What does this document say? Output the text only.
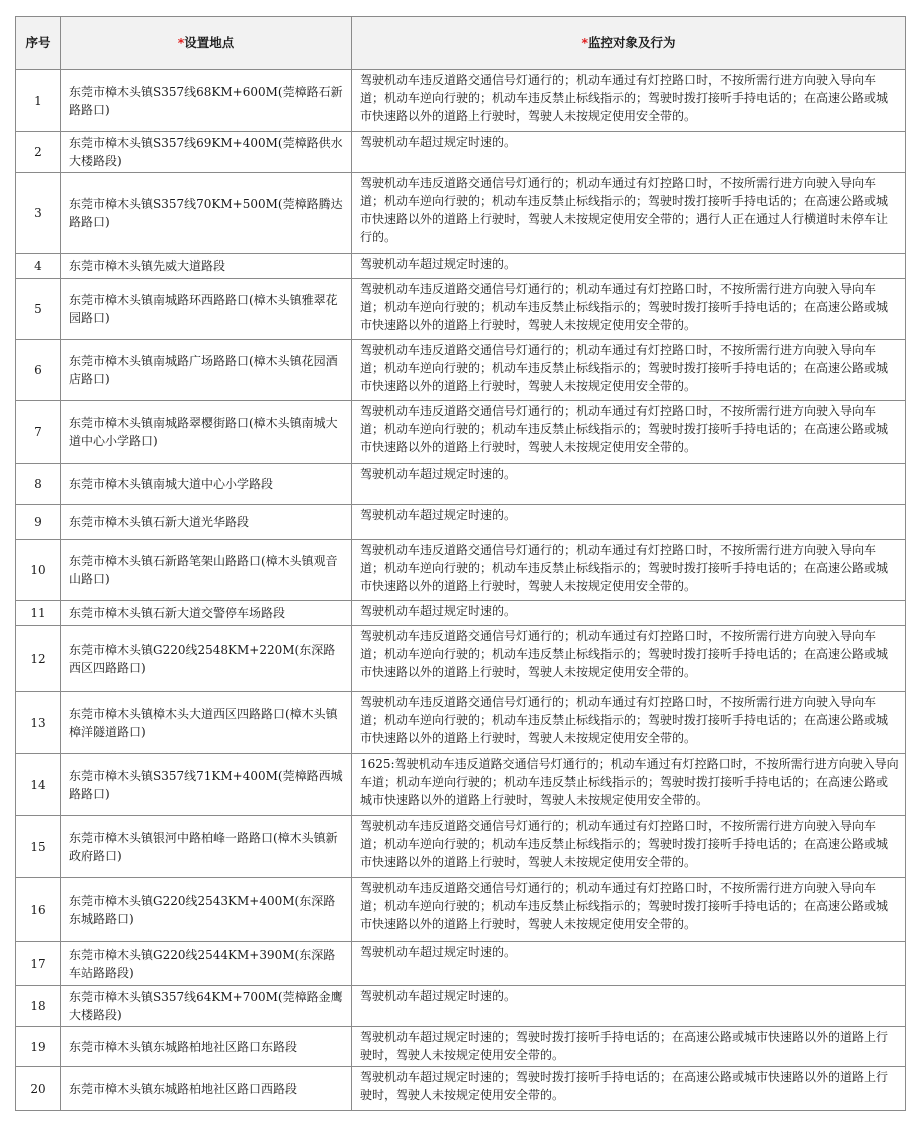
序号	*设置地点	*监控对象及行为
1	东莞市樟木头镇S357线68KM+600M(莞樟路石新路路口)	驾驶机动车违反道路交通信号灯通行的；机动车通过有灯控路口时，不按所需行进方向驶入导向车道；机动车逆向行驶的；机动车违反禁止标线指示的；驾驶时拨打接听手持电话的；在高速公路或城市快速路以外的道路上行驶时，驾驶人未按规定使用安全带的。
2	东莞市樟木头镇S357线69KM+400M(莞樟路供水大楼路段)	驾驶机动车超过规定时速的。
3	东莞市樟木头镇S357线70KM+500M(莞樟路腾达路路口)	驾驶机动车违反道路交通信号灯通行的；机动车通过有灯控路口时，不按所需行进方向驶入导向车道；机动车逆向行驶的；机动车违反禁止标线指示的；驾驶时拨打接听手持电话的；在高速公路或城市快速路以外的道路上行驶时，驾驶人未按规定使用安全带的；遇行人正在通过人行横道时未停车让行的。
4	东莞市樟木头镇先威大道路段	驾驶机动车超过规定时速的。
5	东莞市樟木头镇南城路环西路路口(樟木头镇雅翠花园路口)	驾驶机动车违反道路交通信号灯通行的；机动车通过有灯控路口时，不按所需行进方向驶入导向车道；机动车逆向行驶的；机动车违反禁止标线指示的；驾驶时拨打接听手持电话的；在高速公路或城市快速路以外的道路上行驶时，驾驶人未按规定使用安全带的。
6	东莞市樟木头镇南城路广场路路口(樟木头镇花园酒店路口)	驾驶机动车违反道路交通信号灯通行的；机动车通过有灯控路口时，不按所需行进方向驶入导向车道；机动车逆向行驶的；机动车违反禁止标线指示的；驾驶时拨打接听手持电话的；在高速公路或城市快速路以外的道路上行驶时，驾驶人未按规定使用安全带的。
7	东莞市樟木头镇南城路翠樱街路口(樟木头镇南城大道中心小学路口)	驾驶机动车违反道路交通信号灯通行的；机动车通过有灯控路口时，不按所需行进方向驶入导向车道；机动车逆向行驶的；机动车违反禁止标线指示的；驾驶时拨打接听手持电话的；在高速公路或城市快速路以外的道路上行驶时，驾驶人未按规定使用安全带的。
8	东莞市樟木头镇南城大道中心小学路段	驾驶机动车超过规定时速的。
9	东莞市樟木头镇石新大道光华路段	驾驶机动车超过规定时速的。
10	东莞市樟木头镇石新路笔架山路路口(樟木头镇观音山路口)	驾驶机动车违反道路交通信号灯通行的；机动车通过有灯控路口时，不按所需行进方向驶入导向车道；机动车逆向行驶的；机动车违反禁止标线指示的；驾驶时拨打接听手持电话的；在高速公路或城市快速路以外的道路上行驶时，驾驶人未按规定使用安全带的。
11	东莞市樟木头镇石新大道交警停车场路段	驾驶机动车超过规定时速的。
12	东莞市樟木头镇G220线2548KM+220M(东深路西区四路路口)	驾驶机动车违反道路交通信号灯通行的；机动车通过有灯控路口时，不按所需行进方向驶入导向车道；机动车逆向行驶的；机动车违反禁止标线指示的；驾驶时拨打接听手持电话的；在高速公路或城市快速路以外的道路上行驶时，驾驶人未按规定使用安全带的。
13	东莞市樟木头镇樟木头大道西区四路路口(樟木头镇樟洋隧道路口)	驾驶机动车违反道路交通信号灯通行的；机动车通过有灯控路口时，不按所需行进方向驶入导向车道；机动车逆向行驶的；机动车违反禁止标线指示的；驾驶时拨打接听手持电话的；在高速公路或城市快速路以外的道路上行驶时，驾驶人未按规定使用安全带的。
14	东莞市樟木头镇S357线71KM+400M(莞樟路西城路路口)	1625:驾驶机动车违反道路交通信号灯通行的；机动车通过有灯控路口时，不按所需行进方向驶入导向车道；机动车逆向行驶的；机动车违反禁止标线指示的；驾驶时拨打接听手持电话的；在高速公路或城市快速路以外的道路上行驶时，驾驶人未按规定使用安全带的。
15	东莞市樟木头镇银河中路柏峰一路路口(樟木头镇新政府路口)	驾驶机动车违反道路交通信号灯通行的；机动车通过有灯控路口时，不按所需行进方向驶入导向车道；机动车逆向行驶的；机动车违反禁止标线指示的；驾驶时拨打接听手持电话的；在高速公路或城市快速路以外的道路上行驶时，驾驶人未按规定使用安全带的。
16	东莞市樟木头镇G220线2543KM+400M(东深路东城路路口)	驾驶机动车违反道路交通信号灯通行的；机动车通过有灯控路口时，不按所需行进方向驶入导向车道；机动车逆向行驶的；机动车违反禁止标线指示的；驾驶时拨打接听手持电话的；在高速公路或城市快速路以外的道路上行驶时，驾驶人未按规定使用安全带的。
17	东莞市樟木头镇G220线2544KM+390M(东深路车站路路段)	驾驶机动车超过规定时速的。
18	东莞市樟木头镇S357线64KM+700M(莞樟路金鹰大楼路段)	驾驶机动车超过规定时速的。
19	东莞市樟木头镇东城路柏地社区路口东路段	驾驶机动车超过规定时速的；驾驶时拨打接听手持电话的；在高速公路或城市快速路以外的道路上行驶时，驾驶人未按规定使用安全带的。
20	东莞市樟木头镇东城路柏地社区路口西路段	驾驶机动车超过规定时速的；驾驶时拨打接听手持电话的；在高速公路或城市快速路以外的道路上行驶时，驾驶人未按规定使用安全带的。
